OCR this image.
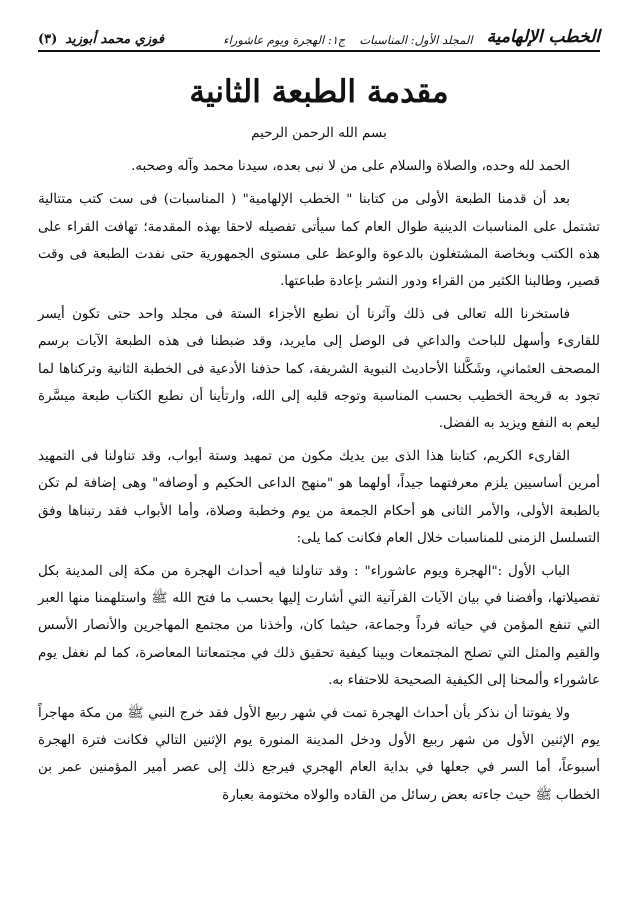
الخطب الإلهامية
المجلد الأول: المناسبات
ج١: الهجرة ويوم عاشوراء
فوزي محمد أبوزيد
(٣)
مقدمة الطبعة الثانية
بسم الله الرحمن الرحيم

الحمد لله وحده، والصلاة والسلام على من لا نبى بعده، سيدنا محمد وآله وصحبه.

بعد أن قدمنا الطبعة الأولى من كتابنا " الخطب الإلهامية" ( المناسبات) فى ست كتب متتالية تشتمل على المناسبات الدينية طوال العام كما سيأتى تفصيله لاحقا بهذه المقدمة؛ تهافت القراء على هذه الكتب وبخاصة المشتغلون بالدعوة والوعظ على مستوى الجمهورية حتى نفدت الطبعة فى وقت قصير، وطالبنا الكثير من القراء ودور النشر بإعادة طباعتها.

فاستخرنا الله تعالى فى ذلك وآثرنا أن نطبع الأجزاء الستة فى مجلد واحد حتى تكون أيسر للقارىء وأسهل للباحث والداعي فى الوصل إلى مايريد، وقد ضبطنا فى هذه الطبعة الآيات برسم المصحف العثماني، وشَكَّلنا الأحاديث النبوية الشريفة، كما حذفنا الأدعية فى الخطبة الثانية وتركناها لما تجود به قريحة الخطيب بحسب المناسبة وتوجه قلبه إلى الله، وارتأينا أن نطبع الكتاب طبعة ميسَّرة ليعم به النفع ويزيد به الفضل.

القارىء الكريم، كتابنا هذا الذى بين يديك مكون من تمهيد وستة أبواب، وقد تناولنا فى التمهيد أمرين أساسيين يلزم معرفتهما جيداً، أولهما هو "منهج الداعى الحكيم و أوصافه" وهى إضافة لم تكن بالطبعة الأولى، والأمر الثانى هو أحكام الجمعة من يوم وخطبة وصلاة، وأما الأبواب فقد رتبناها وفق التسلسل الزمنى للمناسبات خلال العام فكانت كما يلى:

الباب الأول :"الهجرة ويوم عاشوراء" : وقد تناولنا فيه أحداث الهجرة من مكة إلى المدينة بكل تفصيلاتها، وأفضنا في بيان الآيات القرآنية التي أشارت إليها بحسب ما فتح الله ﷺ واستلهمنا منها العبر التي تنفع المؤمن في حياته فرداً وجماعة، حيثما كان، وأخذنا من مجتمع المهاجرين والأنصار الأسس والقيم والمثل التي تصلح المجتمعات وبينا كيفية تحقيق ذلك في مجتمعاتنا المعاصرة، كما لم نغفل يوم عاشوراء وألمحنا إلى الكيفية الصحيحة للاحتفاء به.

ولا يفوتنا أن نذكر بأن أحداث الهجرة تمت في شهر ربيع الأول فقد خرج النبي ﷺ من مكة مهاجراً يوم الإثنين الأول من شهر ربيع الأول ودخل المدينة المنورة يوم الإثنين التالي فكانت فترة الهجرة أسبوعاً، أما السر في جعلها في بداية العام الهجري فيرجع ذلك إلى عصر أمير المؤمنين عمر بن الخطاب ﷺ حيث جاءته بعض رسائل من القاده والولاه مختومة بعبارة
